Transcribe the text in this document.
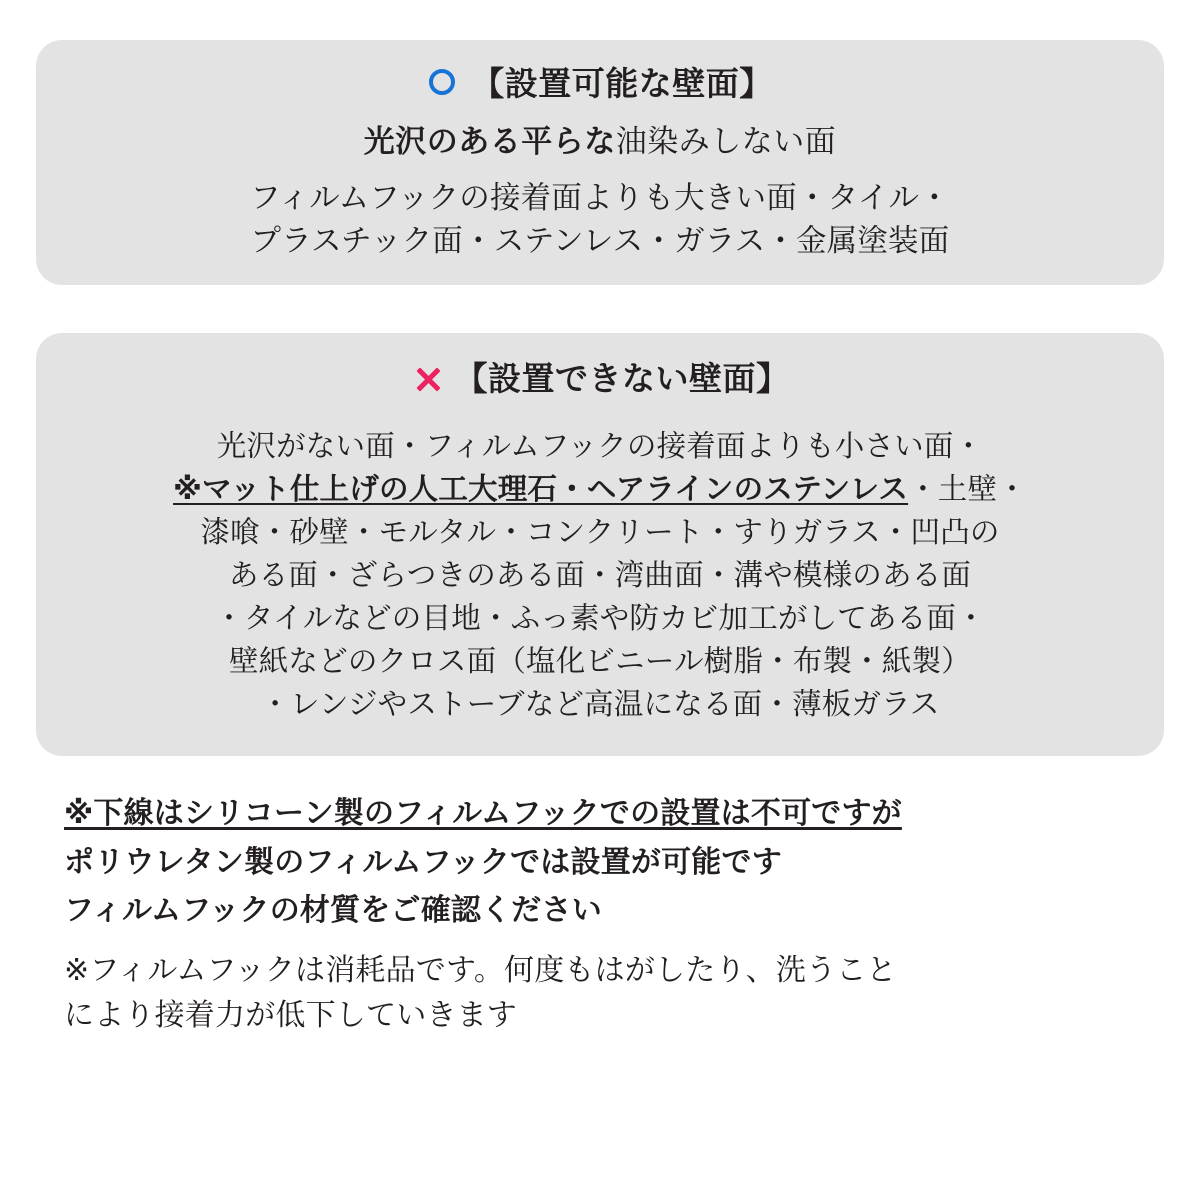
【設置可能な壁面】
光沢のある平らな油染みしない面
フィルムフックの接着面よりも大きい面・タイル・
プラスチック面・ステンレス・ガラス・金属塗装面
【設置できない壁面】
光沢がない面・フィルムフックの接着面よりも小さい面・
※マット仕上げの人工大理石・ヘアラインのステンレス・土壁・
漆喰・砂壁・モルタル・コンクリート・すりガラス・凹凸の
ある面・ざらつきのある面・湾曲面・溝や模様のある面
・タイルなどの目地・ふっ素や防カビ加工がしてある面・
壁紙などのクロス面（塩化ビニール樹脂・布製・紙製）
・レンジやストーブなど高温になる面・薄板ガラス
※下線はシリコーン製のフィルムフックでの設置は不可ですが
ポリウレタン製のフィルムフックでは設置が可能です
フィルムフックの材質をご確認ください
※フィルムフックは消耗品です。何度もはがしたり、洗うこと
により接着力が低下していきます
